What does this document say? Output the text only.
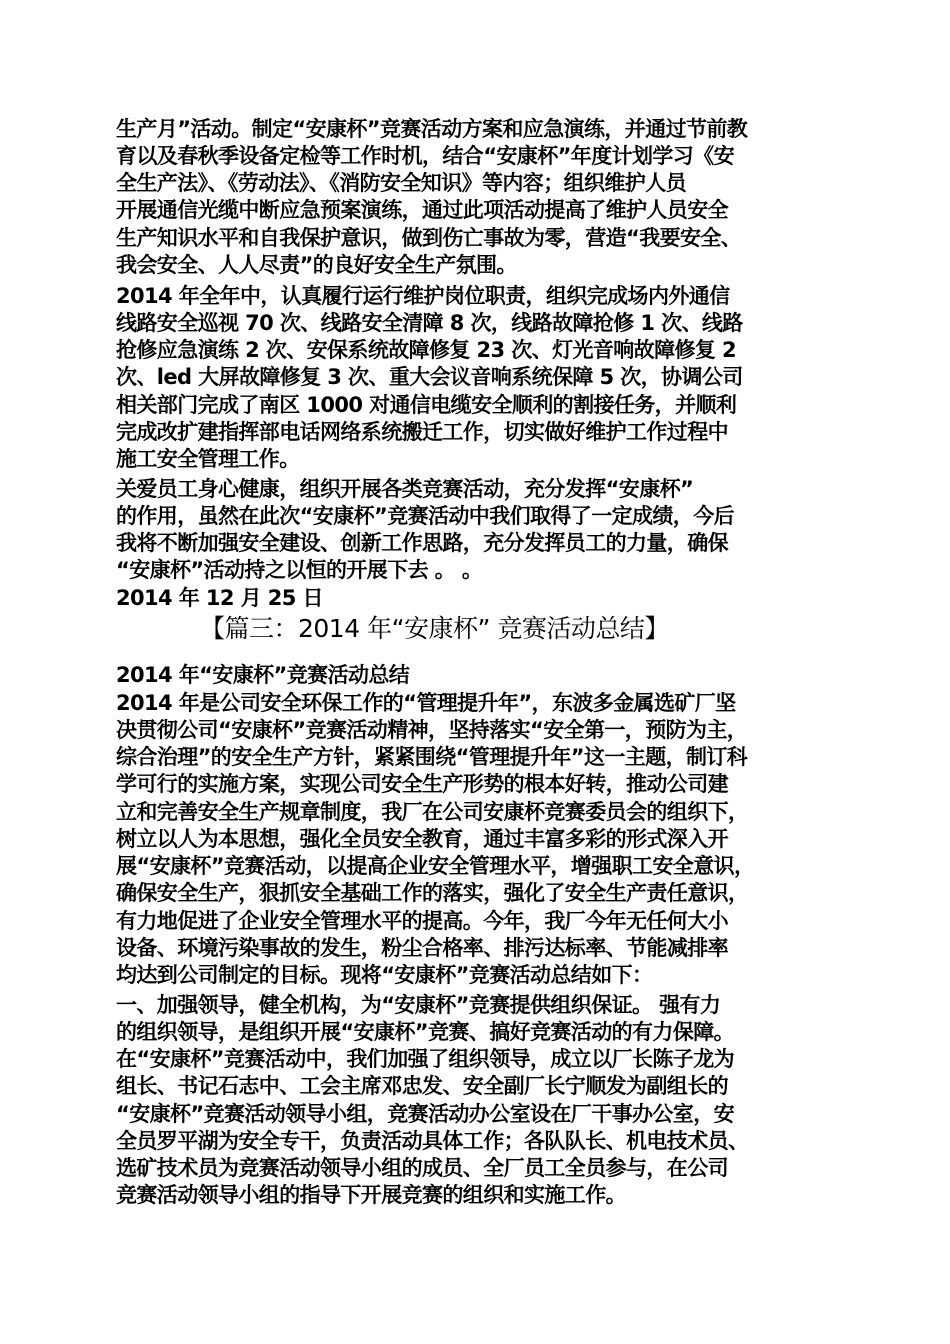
生产月”活动。制定“安康杯”竞赛活动方案和应急演练，并通过节前教
育以及春秋季设备定检等工作时机，结合“安康杯”年度计划学习《安
全生产法》、《劳动法》、《消防安全知识》等内容；组织维护人员
开展通信光缆中断应急预案演练，通过此项活动提高了维护人员安全
生产知识水平和自我保护意识，做到伤亡事故为零，营造“我要安全、
我会安全、人人尽责”的良好安全生产氛围。
2014 年全年中，认真履行运行维护岗位职责，组织完成场内外通信
线路安全巡视 70 次、线路安全清障 8 次，线路故障抢修 1 次、线路
抢修应急演练 2 次、安保系统故障修复 23 次、灯光音响故障修复 2
次、led 大屏故障修复 3 次、重大会议音响系统保障 5 次，协调公司
相关部门完成了南区 1000 对通信电缆安全顺利的割接任务，并顺利
完成改扩建指挥部电话网络系统搬迁工作，切实做好维护工作过程中
施工安全管理工作。
关爱员工身心健康，组织开展各类竞赛活动，充分发挥“安康杯”
的作用，虽然在此次“安康杯”竞赛活动中我们取得了一定成绩，今后
我将不断加强安全建设、创新工作思路，充分发挥员工的力量，确保
“安康杯”活动持之以恒的开展下去 。 。
2014 年 12 月 25 日
【篇三：2014 年“安康杯” 竞赛活动总结】
2014 年“安康杯”竞赛活动总结
2014 年是公司安全环保工作的“管理提升年”，东波多金属选矿厂坚
决贯彻公司“安康杯”竞赛活动精神，坚持落实“安全第一，预防为主，
综合治理”的安全生产方针，紧紧围绕“管理提升年”这一主题，制订科
学可行的实施方案，实现公司安全生产形势的根本好转，推动公司建
立和完善安全生产规章制度，我厂在公司安康杯竞赛委员会的组织下，
树立以人为本思想，强化全员安全教育，通过丰富多彩的形式深入开
展“安康杯”竞赛活动，以提高企业安全管理水平，增强职工安全意识，
确保安全生产，狠抓安全基础工作的落实，强化了安全生产责任意识，
有力地促进了企业安全管理水平的提高。今年，我厂今年无任何大小
设备、环境污染事故的发生，粉尘合格率、排污达标率、节能减排率
均达到公司制定的目标。现将“安康杯”竞赛活动总结如下：
一、加强领导，健全机构，为“安康杯”竞赛提供组织保证。 强有力
的组织领导，是组织开展“安康杯”竞赛、搞好竞赛活动的有力保障。
在“安康杯”竞赛活动中，我们加强了组织领导，成立以厂长陈子龙为
组长、书记石志中、工会主席邓忠发、安全副厂长宁顺发为副组长的
“安康杯”竞赛活动领导小组，竞赛活动办公室设在厂干事办公室，安
全员罗平湖为安全专干，负责活动具体工作；各队队长、机电技术员、
选矿技术员为竞赛活动领导小组的成员、全厂员工全员参与，在公司
竞赛活动领导小组的指导下开展竞赛的组织和实施工作。
